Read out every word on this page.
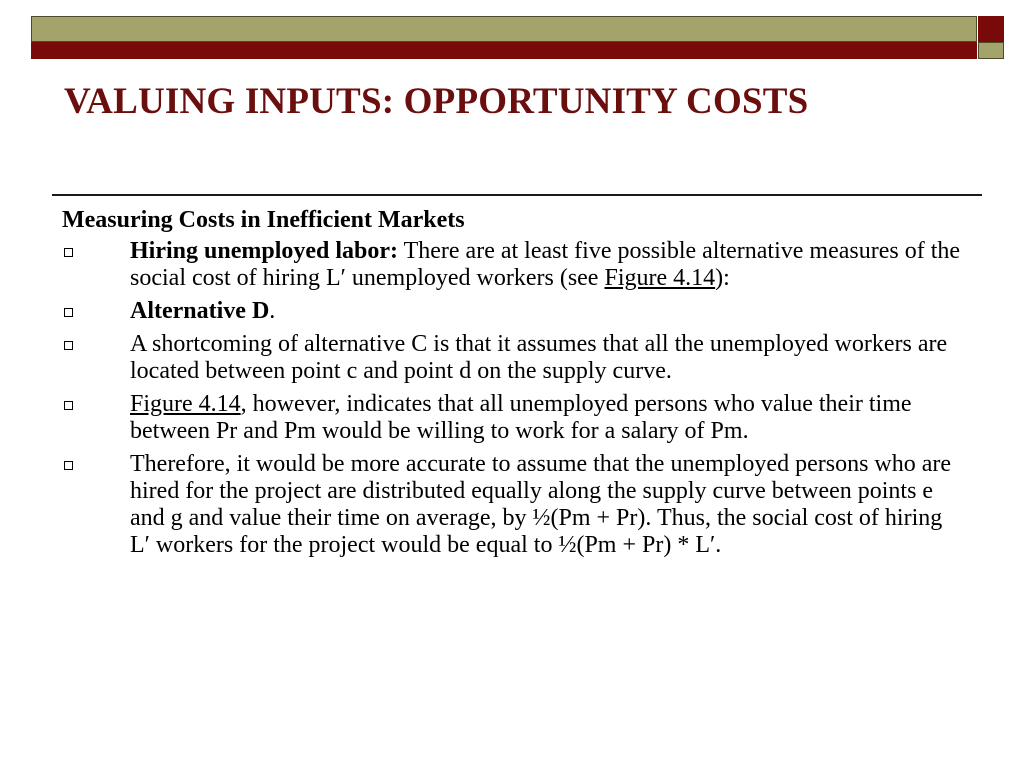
VALUING INPUTS: OPPORTUNITY COSTS
Measuring Costs in Inefficient Markets
Hiring unemployed labor: There are at least five possible alternative measures of the social cost of hiring L′ unemployed workers (see Figure 4.14):
Alternative D.
A shortcoming of alternative C is that it assumes that all the unemployed workers are located between point c and point d on the supply curve.
Figure 4.14, however, indicates that all unemployed persons who value their time between Pr and Pm would be willing to work for a salary of Pm.
Therefore, it would be more accurate to assume that the unemployed persons who are hired for the project are distributed equally along the supply curve between points e and g and value their time on average, by ½(Pm + Pr). Thus, the social cost of hiring L′ workers for the project would be equal to ½(Pm + Pr) * L′.
